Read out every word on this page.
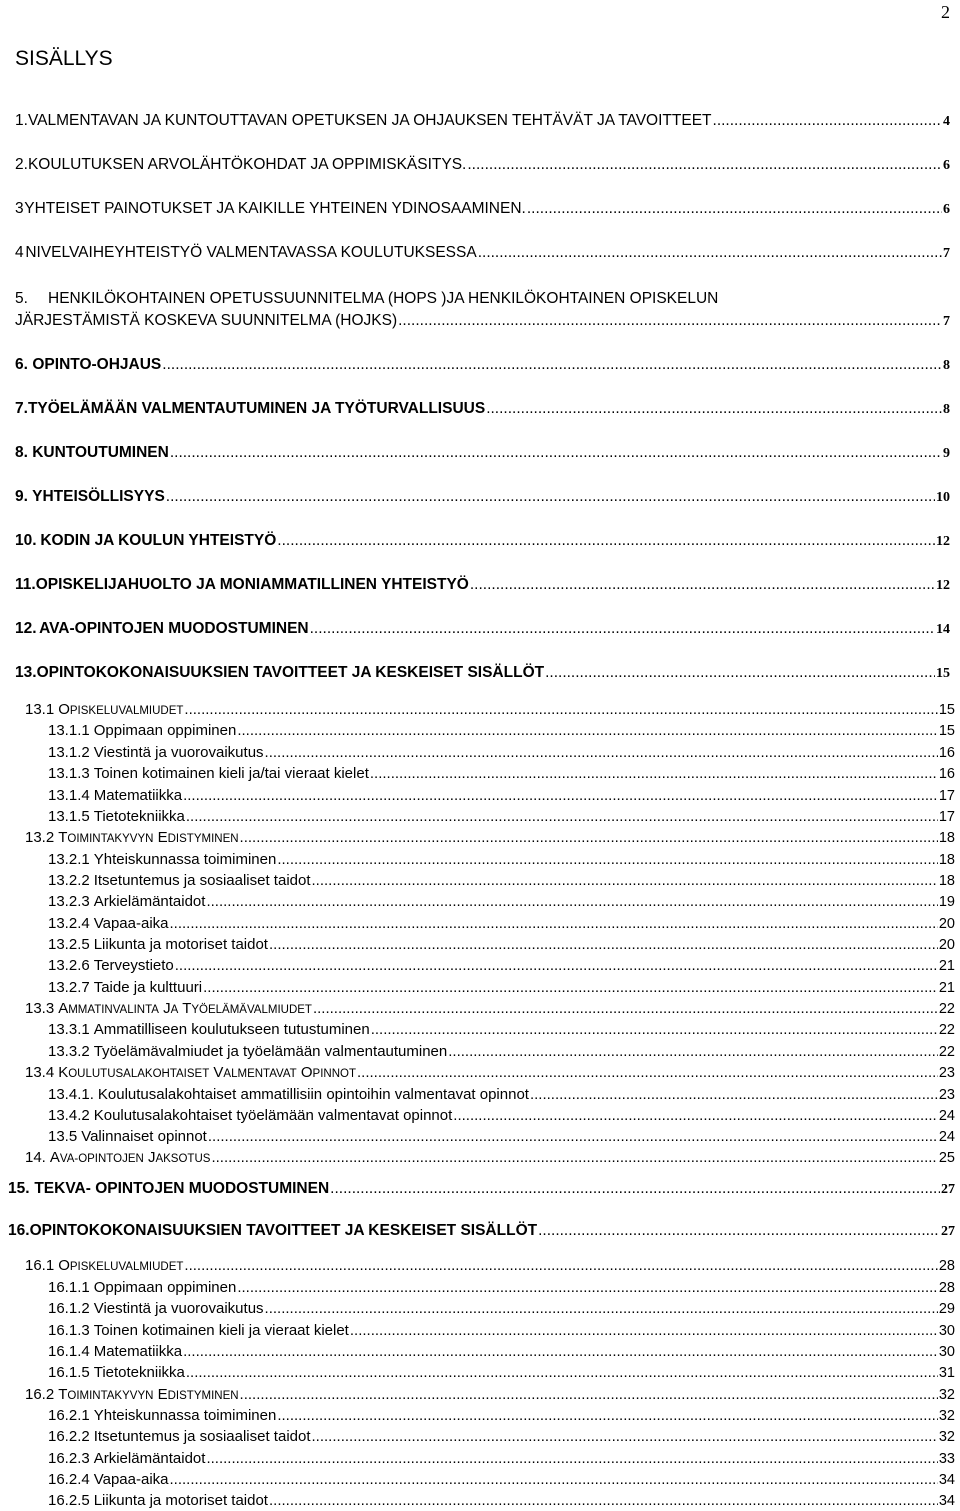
2
SISÄLLYS
1. VALMENTAVAN JA KUNTOUTTAVAN OPETUKSEN JA OHJAUKSEN TEHTÄVÄT JA TAVOITTEET .....	4
2. KOULUTUKSEN ARVOLÄHTÖKOHDAT JA OPPIMISKÄSITYS. .....	6
3 YHTEISET PAINOTUKSET JA KAIKILLE YHTEINEN YDINOSAAMINEN. .....	6
4 NIVELVAIHEYHTEISTYÖ VALMENTAVASSA KOULUTUKSESSA .....	7
5.	HENKILÖKOHTAINEN OPETUSSUUNNITELMA (HOPS )JA HENKILÖKOHTAINEN OPISKELUN
JÄRJESTÄMISTÄ KOSKEVA SUUNNITELMA (HOJKS) .....	7
6. OPINTO-OHJAUS .....	8
7. TYÖELÄMÄÄN VALMENTAUTUMINEN JA TYÖTURVALLISUUS .....	8
8. KUNTOUTUMINEN .....	9
9. YHTEISÖLLISYYS .....	10
10. KODIN JA KOULUN YHTEISTYÖ .....	12
11. OPISKELIJAHUOLTO JA MONIAMMATILLINEN YHTEISTYÖ .....	12
12. AVA-OPINTOJEN MUODOSTUMINEN .....	14
13. OPINTOKOKONAISUUKSIEN TAVOITTEET JA KESKEISET SISÄLLÖT .....	15
13.1 OPISKELUVALMIUDET .....	15
13.1.1 Oppimaan oppiminen .....	15
13.1.2 Viestintä ja vuorovaikutus .....	16
13.1.3 Toinen kotimainen kieli ja/tai vieraat kielet .....	16
13.1.4 Matematiikka .....	17
13.1.5 Tietotekniikka .....	17
13.2 TOIMINTAKYVYN EDISTYMINEN .....	18
13.2.1 Yhteiskunnassa toimiminen .....	18
13.2.2 Itsetuntemus ja sosiaaliset taidot .....	18
13.2.3 Arkielämäntaidot .....	19
13.2.4 Vapaa-aika .....	20
13.2.5 Liikunta ja motoriset taidot .....	20
13.2.6 Terveystieto .....	21
13.2.7 Taide ja kulttuuri .....	21
13.3 AMMATINVALINTA JA TYÖELÄMÄVALMIUDET .....	22
13.3.1 Ammatilliseen koulutukseen tutustuminen .....	22
13.3.2 Työelämävalmiudet ja työelämään valmentautuminen .....	22
13.4 KOULUTUSALAKOHTAISET VALMENTAVAT OPINNOT .....	23
13.4.1. Koulutusalakohtaiset ammatillisiin opintoihin valmentavat opinnot .....	23
13.4.2 Koulutusalakohtaiset työelämään valmentavat opinnot .....	24
13.5 Valinnaiset opinnot .....	24
14. AVA-OPINTOJEN JAKSOTUS .....	25
15. TEKVA- OPINTOJEN MUODOSTUMINEN .....	27
16. OPINTOKOKONAISUUKSIEN TAVOITTEET JA KESKEISET SISÄLLÖT .....	27
16.1 OPISKELUVALMIUDET .....	28
16.1.1 Oppimaan oppiminen .....	28
16.1.2 Viestintä ja vuorovaikutus .....	29
16.1.3 Toinen kotimainen kieli ja vieraat kielet .....	30
16.1.4 Matematiikka .....	30
16.1.5 Tietotekniikka .....	31
16.2 TOIMINTAKYVYN EDISTYMINEN .....	32
16.2.1 Yhteiskunnassa toimiminen .....	32
16.2.2 Itsetuntemus ja sosiaaliset taidot .....	32
16.2.3 Arkielämäntaidot .....	33
16.2.4 Vapaa-aika .....	34
16.2.5 Liikunta ja motoriset taidot .....	34
